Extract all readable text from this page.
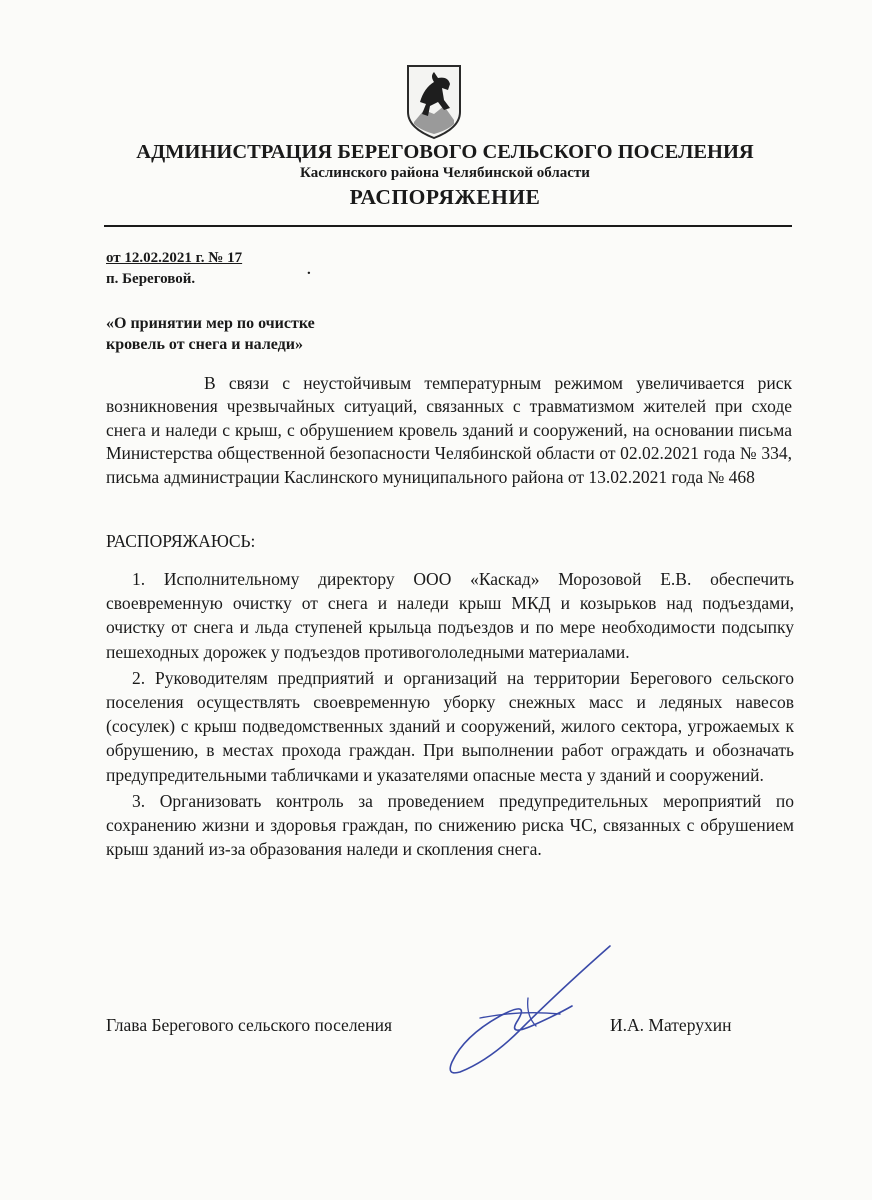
АДМИНИСТРАЦИЯ БЕРЕГОВОГО СЕЛЬСКОГО ПОСЕЛЕНИЯ
Каслинского района Челябинской области
РАСПОРЯЖЕНИЕ
от 12.02.2021 г. № 17
.
п. Береговой.
«О принятии мер по очистке
кровель от снега и наледи»

В связи с неустойчивым температурным режимом увеличивается риск возникновения чрезвычайных ситуаций, связанных с травматизмом жителей при сходе снега и наледи с крыш, с обрушением кровель зданий и сооружений, на основании письма Министерства общественной безопасности Челябинской области от 02.02.2021 года № 334, письма администрации Каслинского муниципального района от 13.02.2021 года № 468

РАСПОРЯЖАЮСЬ:

1. Исполнительному директору ООО «Каскад» Морозовой Е.В. обеспечить своевременную очистку от снега и наледи крыш МКД и козырьков над подъездами, очистку от снега и льда ступеней крыльца подъездов и по мере необходимости подсыпку пешеходных дорожек у подъездов противогололедными материалами.

2. Руководителям предприятий и организаций на территории Берегового сельского поселения осуществлять своевременную уборку снежных масс и ледяных навесов (сосулек) с крыш подведомственных зданий и сооружений, жилого сектора, угрожаемых к обрушению, в местах прохода граждан. При выполнении работ ограждать и обозначать предупредительными табличками и указателями опасные места у зданий и сооружений.

3. Организовать контроль за проведением предупредительных мероприятий по сохранению жизни и здоровья граждан, по снижению риска ЧС, связанных с обрушением крыш зданий из-за образования наледи и скопления снега.

Глава Берегового сельского поселения	И.А. Матерухин
